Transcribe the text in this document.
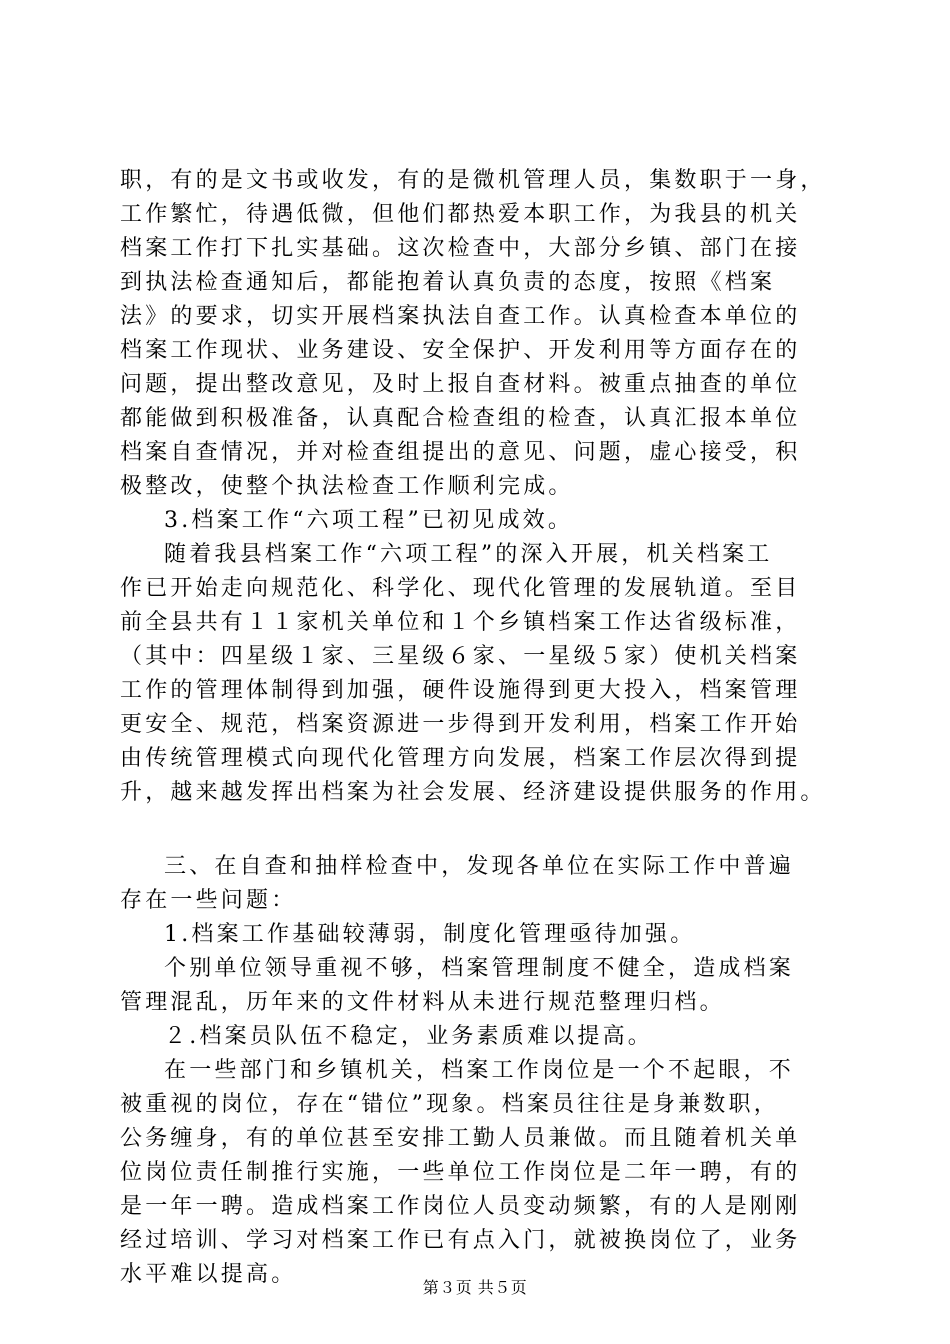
职，有的是文书或收发，有的是微机管理人员，集数职于一身，
工作繁忙，待遇低微，但他们都热爱本职工作，为我县的机关
档案工作打下扎实基础。这次检查中，大部分乡镇、部门在接
到执法检查通知后，都能抱着认真负责的态度，按照《档案
法》的要求，切实开展档案执法自查工作。认真检查本单位的
档案工作现状、业务建设、安全保护、开发利用等方面存在的
问题，提出整改意见，及时上报自查材料。被重点抽查的单位
都能做到积极准备，认真配合检查组的检查，认真汇报本单位
档案自查情况，并对检查组提出的意见、问题，虚心接受，积
极整改，使整个执法检查工作顺利完成。
3.档案工作“六项工程”已初见成效。
随着我县档案工作“六项工程”的深入开展，机关档案工
作已开始走向规范化、科学化、现代化管理的发展轨道。至目
前全县共有１１家机关单位和１个乡镇档案工作达省级标准，
（其中：四星级１家、三星级６家、一星级５家）使机关档案
工作的管理体制得到加强，硬件设施得到更大投入，档案管理
更安全、规范，档案资源进一步得到开发利用，档案工作开始
由传统管理模式向现代化管理方向发展，档案工作层次得到提
升，越来越发挥出档案为社会发展、经济建设提供服务的作用。
三、在自查和抽样检查中，发现各单位在实际工作中普遍
存在一些问题：
1.档案工作基础较薄弱，制度化管理亟待加强。
个别单位领导重视不够，档案管理制度不健全，造成档案
管理混乱，历年来的文件材料从未进行规范整理归档。
２.档案员队伍不稳定，业务素质难以提高。
在一些部门和乡镇机关，档案工作岗位是一个不起眼，不
被重视的岗位，存在“错位”现象。档案员往往是身兼数职，
公务缠身，有的单位甚至安排工勤人员兼做。而且随着机关单
位岗位责任制推行实施，一些单位工作岗位是二年一聘，有的
是一年一聘。造成档案工作岗位人员变动频繁，有的人是刚刚
经过培训、学习对档案工作已有点入门，就被换岗位了，业务
水平难以提高。
第３页 共５页
